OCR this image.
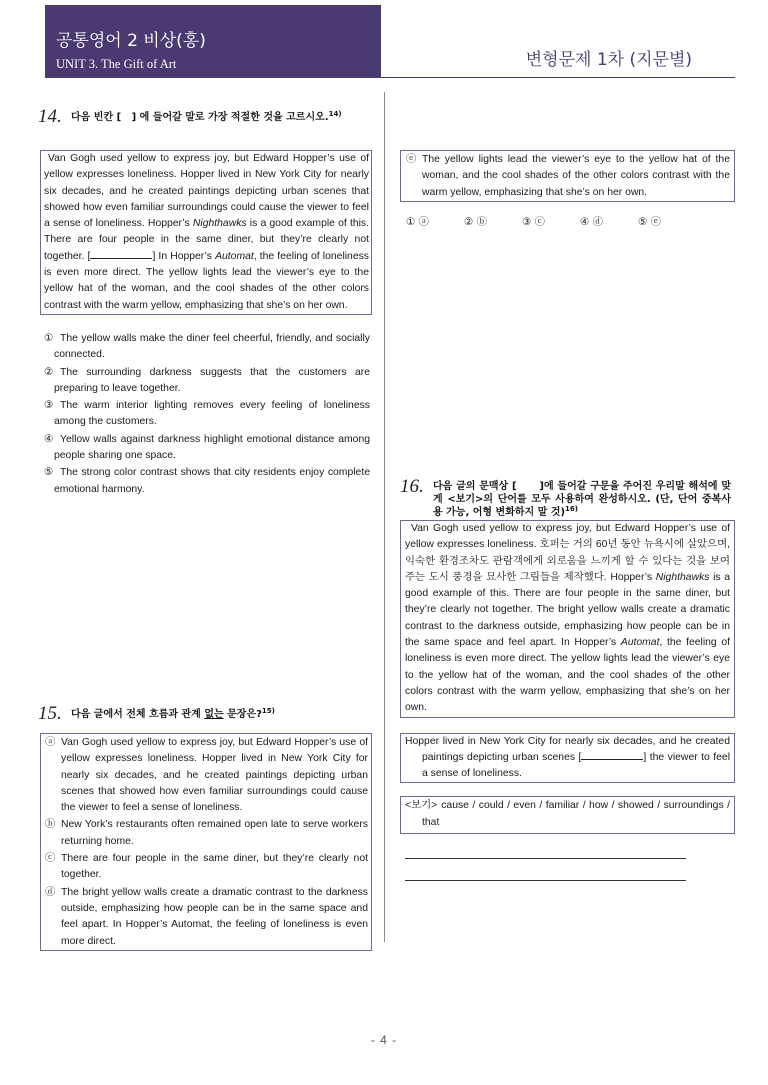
공통영어 2 비상(홍)
UNIT 3. The Gift of Art	변형문제 1차 (지문별)
14. 다음 빈칸 [   ] 에 들어갈 말로 가장 적절한 것을 고르시오.$^{14)}$

Van Gogh used yellow to express joy, but Edward Hopper’s use of yellow expresses loneliness. Hopper lived in New York City for nearly six decades, and he created paintings depicting urban scenes that showed how even familiar surroundings could cause the viewer to feel a sense of loneliness. Hopper’s Nighthawks is a good example of this. There are four people in the same diner, but they’re clearly not together. [	] In Hopper’s Automat, the feeling of loneliness is even more direct. The yellow lights lead the viewer’s eye to the yellow hat of the woman, and the cool shades of the other colors contrast with the warm yellow, emphasizing that she’s on her own.

① The yellow walls make the diner feel cheerful, friendly, and socially connected.
② The surrounding darkness suggests that the customers are preparing to leave together.
③ The warm interior lighting removes every feeling of loneliness among the customers.
④ Yellow walls against darkness highlight emotional distance among people sharing one space.
⑤ The strong color contrast shows that city residents enjoy complete emotional harmony.
15. 다음 글에서 전체 흐름과 관계 없는 문장은?$^{15)}$
ⓐ Van Gogh used yellow to express joy, but Edward Hopper’s use of yellow expresses loneliness. Hopper lived in New York City for nearly six decades, and he created paintings depicting urban scenes that showed how even familiar surroundings could cause the viewer to feel a sense of loneliness.
ⓑ New York’s restaurants often remained open late to serve workers returning home.
ⓒ There are four people in the same diner, but they’re clearly not together.
ⓓ The bright yellow walls create a dramatic contrast to the darkness outside, emphasizing how people can be in the same space and feel apart. In Hopper’s Automat, the feeling of loneliness is even more direct.
ⓔ The yellow lights lead the viewer’s eye to the yellow hat of the woman, and the cool shades of the other colors contrast with the warm yellow, emphasizing that she’s on her own.
① ⓐ	② ⓑ	③ ⓒ	④ ⓓ	⑤ ⓔ
16. 다음 글의 문맥상 [      ]에 들어갈 구문을 주어진 우리말 해석에 맞게 <보기>의 단어를 모두 사용하여 완성하시오. (단, 단어 중복사용 가능, 어형 변화하지 말 것)$^{16)}$

Van Gogh used yellow to express joy, but Edward Hopper’s use of yellow expresses loneliness. 호퍼는 거의 60년 동안 뉴욕시에 살았으며, 익숙한 환경조차도 관람객에게 외로움을 느끼게 할 수 있다는 것을 보여 주는 도시 풍경을 묘사한 그림들을 제작했다. Hopper’s Nighthawks is a good example of this. There are four people in the same diner, but they’re clearly not together. The bright yellow walls create a dramatic contrast to the darkness outside, emphasizing how people can be in the same space and feel apart. In Hopper’s Automat, the feeling of loneliness is even more direct. The yellow lights lead the viewer’s eye to the yellow hat of the woman, and the cool shades of the other colors contrast with the warm yellow, emphasizing that she’s on her own.

Hopper lived in New York City for nearly six decades, and he created paintings depicting urban scenes [	] the viewer to feel a sense of loneliness.

<보기> cause / could / even / familiar / how / showed / surroundings / that

- 4 -
